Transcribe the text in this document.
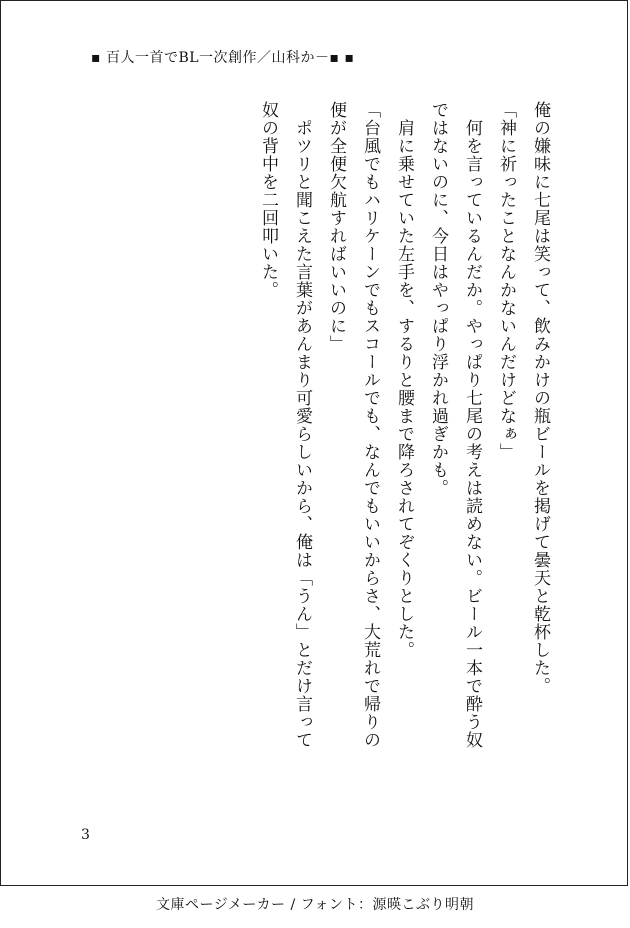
▪ 百人一首でBL一次創作／山科か－▪ ▪

俺の嫌味に七尾は笑って、飲みかけの瓶ビールを掲げて曇天と乾杯した。

「神に祈ったことなんかないんだけどなぁ」

　何を言っているんだか。やっぱり七尾の考えは読めない。ビール一本で酔う奴

ではないのに、今日はやっぱり浮かれ過ぎかも。

　肩に乗せていた左手を、するりと腰まで降ろされてぞくりとした。

「台風でもハリケーンでもスコールでも、なんでもいいからさ、大荒れで帰りの

便が全便欠航すればいいのに」

　ポツリと聞こえた言葉があんまり可愛らしいから、俺は「うん」とだけ言って

奴の背中を二回叩いた。

3
文庫ページメーカー / フォント：源暎こぶり明朝
